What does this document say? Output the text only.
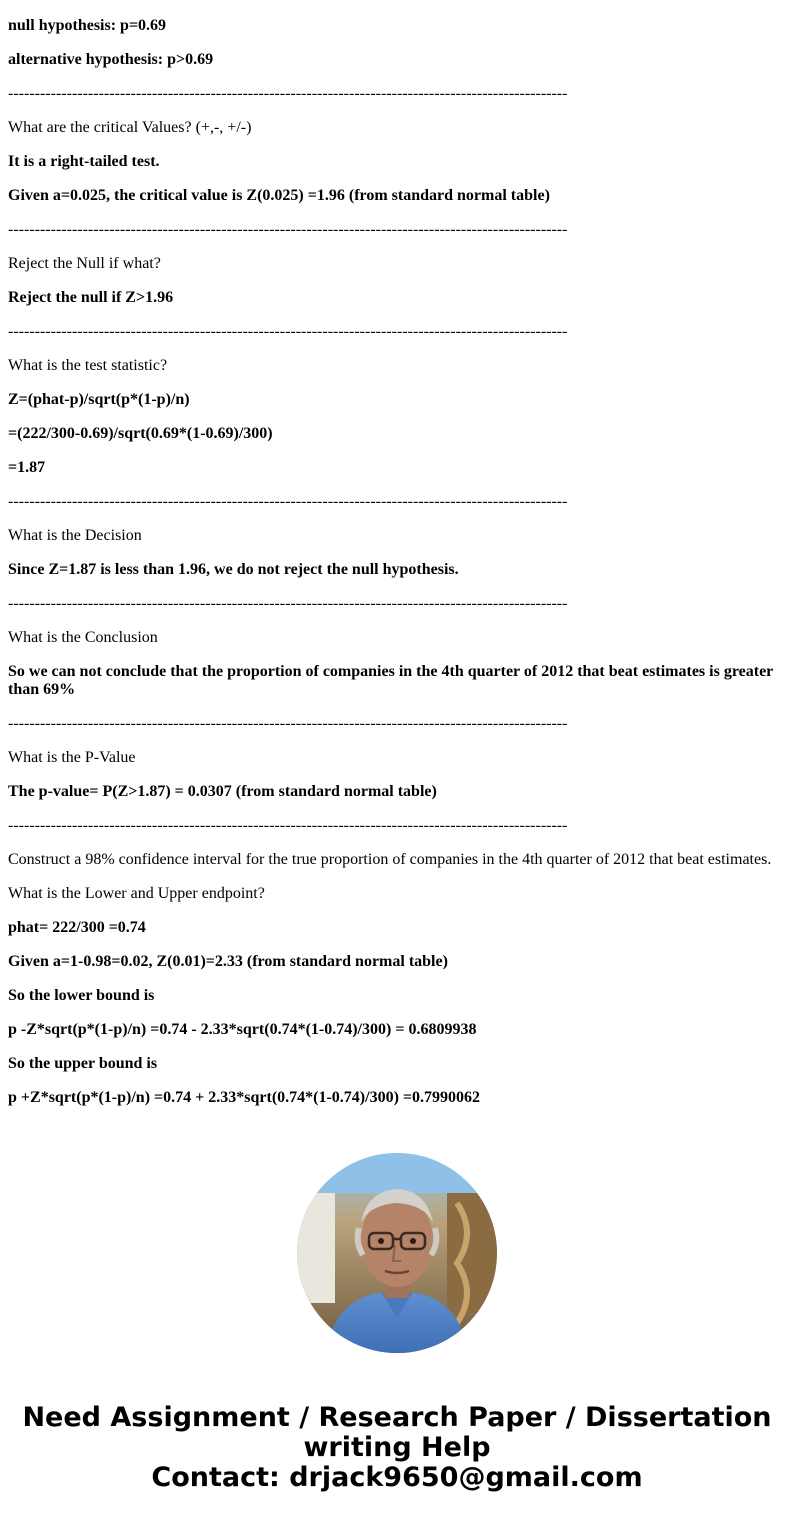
null hypothesis: p=0.69

alternative hypothesis: p>0.69

---------------------------------------------------------------------------------------------------------

What are the critical Values? (+,-, +/-)

It is a right-tailed test.

Given a=0.025, the critical value is Z(0.025) =1.96 (from standard normal table)

---------------------------------------------------------------------------------------------------------

Reject the Null if what?

Reject the null if Z>1.96

---------------------------------------------------------------------------------------------------------

What is the test statistic?

Z=(phat-p)/sqrt(p*(1-p)/n)

=(222/300-0.69)/sqrt(0.69*(1-0.69)/300)

=1.87

---------------------------------------------------------------------------------------------------------

What is the Decision

Since Z=1.87 is less than 1.96, we do not reject the null hypothesis.

---------------------------------------------------------------------------------------------------------

What is the Conclusion

So we can not conclude that the proportion of companies in the 4th quarter of 2012 that beat estimates is greater than 69%

---------------------------------------------------------------------------------------------------------

What is the P-Value

The p-value= P(Z>1.87) = 0.0307 (from standard normal table)

---------------------------------------------------------------------------------------------------------

Construct a 98% confidence interval for the true proportion of companies in the 4th quarter of 2012 that beat estimates.

What is the Lower and Upper endpoint?

phat= 222/300 =0.74

Given a=1-0.98=0.02, Z(0.01)=2.33 (from standard normal table)

So the lower bound is

p -Z*sqrt(p*(1-p)/n) =0.74 - 2.33*sqrt(0.74*(1-0.74)/300) = 0.6809938

So the upper bound is

p +Z*sqrt(p*(1-p)/n) =0.74 + 2.33*sqrt(0.74*(1-0.74)/300) =0.7990062

Need Assignment / Research Paper / Dissertation
writing Help
Contact: drjack9650@gmail.com
